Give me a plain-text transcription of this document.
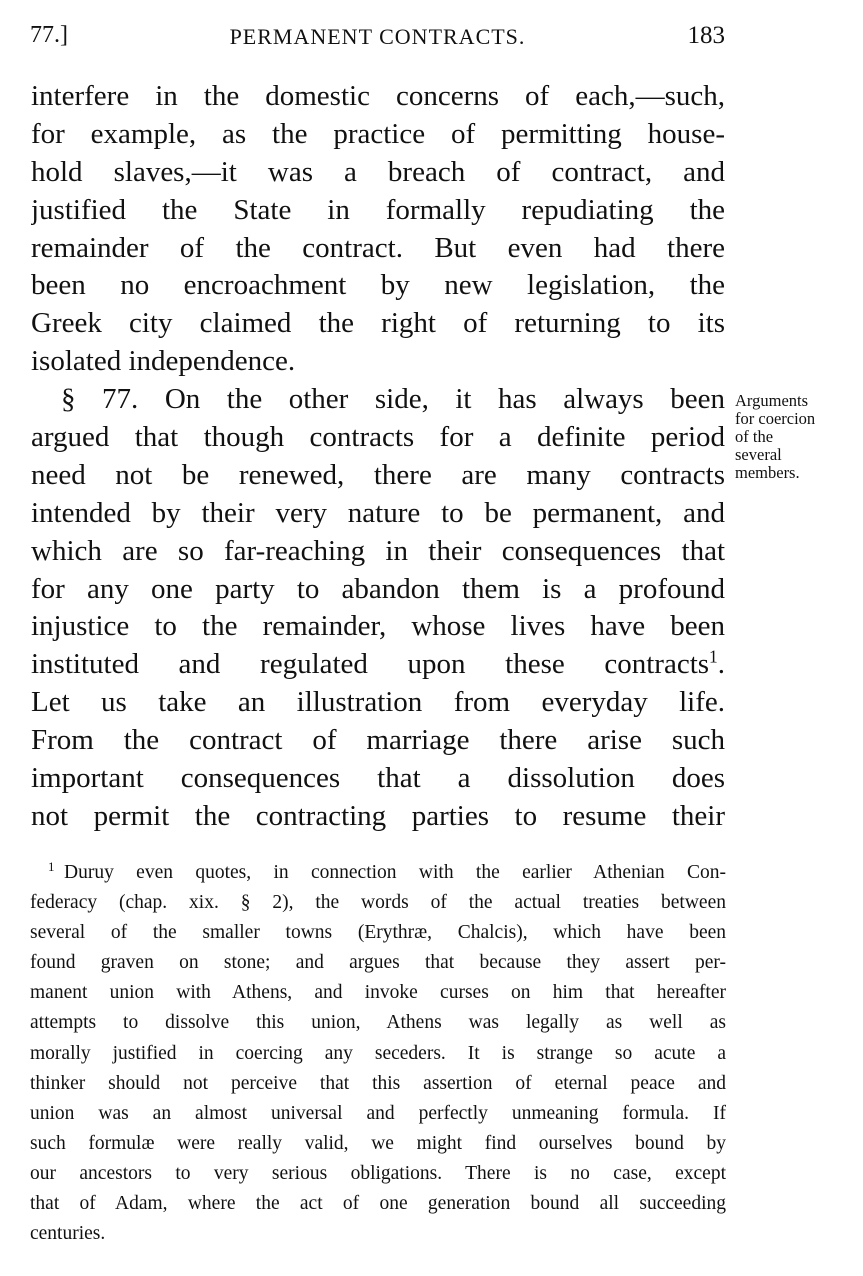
77.]	PERMANENT CONTRACTS.	183
interfere in the domestic concerns of each,—such,
for example, as the practice of permitting house-
hold slaves,—it was a breach of contract, and
justified the State in formally repudiating the
remainder of the contract. But even had there
been no encroachment by new legislation, the
Greek city claimed the right of returning to its
isolated independence.
§ 77. On the other side, it has always been
argued that though contracts for a definite period
need not be renewed, there are many contracts
intended by their very nature to be permanent, and
which are so far-reaching in their consequences that
for any one party to abandon them is a profound
injustice to the remainder, whose lives have been
instituted and regulated upon these contracts$^1$.
Let us take an illustration from everyday life.
From the contract of marriage there arise such
important consequences that a dissolution does
not permit the contracting parties to resume their
Arguments
for coercion
of the
several
members.
1 Duruy even quotes, in connection with the earlier Athenian Con-
federacy (chap. xix. § 2), the words of the actual treaties between
several of the smaller towns (Erythræ, Chalcis), which have been
found graven on stone; and argues that because they assert per-
manent union with Athens, and invoke curses on him that hereafter
attempts to dissolve this union, Athens was legally as well as
morally justified in coercing any seceders. It is strange so acute a
thinker should not perceive that this assertion of eternal peace and
union was an almost universal and perfectly unmeaning formula. If
such formulæ were really valid, we might find ourselves bound by
our ancestors to very serious obligations. There is no case, except
that of Adam, where the act of one generation bound all succeeding
centuries.
